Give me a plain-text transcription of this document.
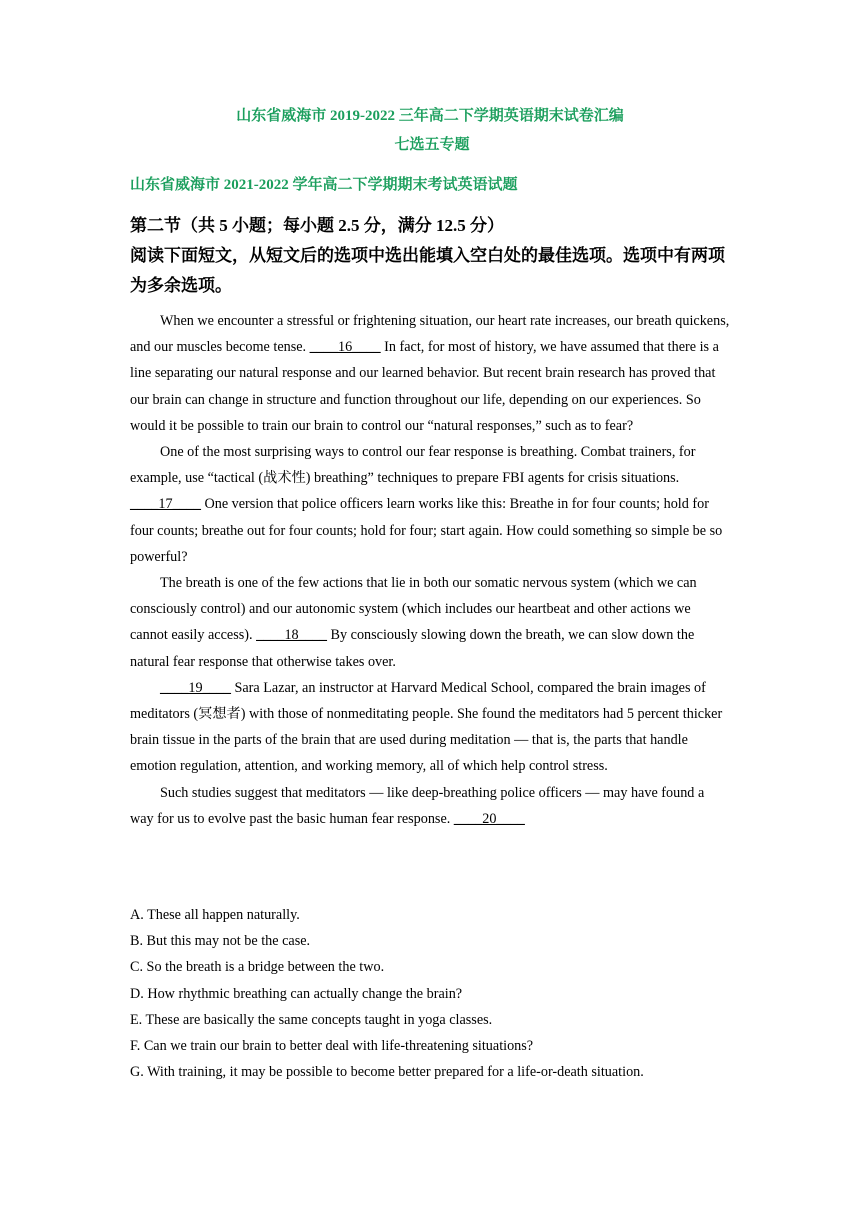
山东省威海市 2019-2022 三年高二下学期英语期末试卷汇编
七选五专题
山东省威海市 2021-2022 学年高二下学期期末考试英语试题
第二节（共 5 小题；每小题 2.5 分，满分 12.5 分）
阅读下面短文，从短文后的选项中选出能填入空白处的最佳选项。选项中有两项为多余选项。

When we encounter a stressful or frightening situation, our heart rate increases, our breath quickens, and our muscles become tense. ____16____ In fact, for most of history, we have assumed that there is a line separating our natural response and our learned behavior. But recent brain research has proved that our brain can change in structure and function throughout our life, depending on our experiences. So would it be possible to train our brain to control our “natural responses,” such as to fear?

One of the most surprising ways to control our fear response is breathing. Combat trainers, for example, use “tactical (战术性) breathing” techniques to prepare FBI agents for crisis situations. ____17____ One version that police officers learn works like this: Breathe in for four counts; hold for four counts; breathe out for four counts; hold for four; start again. How could something so simple be so powerful?

The breath is one of the few actions that lie in both our somatic nervous system (which we can consciously control) and our autonomic system (which includes our heartbeat and other actions we cannot easily access). ____18____ By consciously slowing down the breath, we can slow down the natural fear response that otherwise takes over.

____19____ Sara Lazar, an instructor at Harvard Medical School, compared the brain images of meditators (冥想者) with those of nonmeditating people. She found the meditators had 5 percent thicker brain tissue in the parts of the brain that are used during meditation — that is, the parts that handle emotion regulation, attention, and working memory, all of which help control stress.

Such studies suggest that meditators — like deep-breathing police officers — may have found a way for us to evolve past the basic human fear response. ____20____

A. These all happen naturally.
B. But this may not be the case.
C. So the breath is a bridge between the two.
D. How rhythmic breathing can actually change the brain?
E. These are basically the same concepts taught in yoga classes.
F. Can we train our brain to better deal with life-threatening situations?
G. With training, it may be possible to become better prepared for a life-or-death situation.
